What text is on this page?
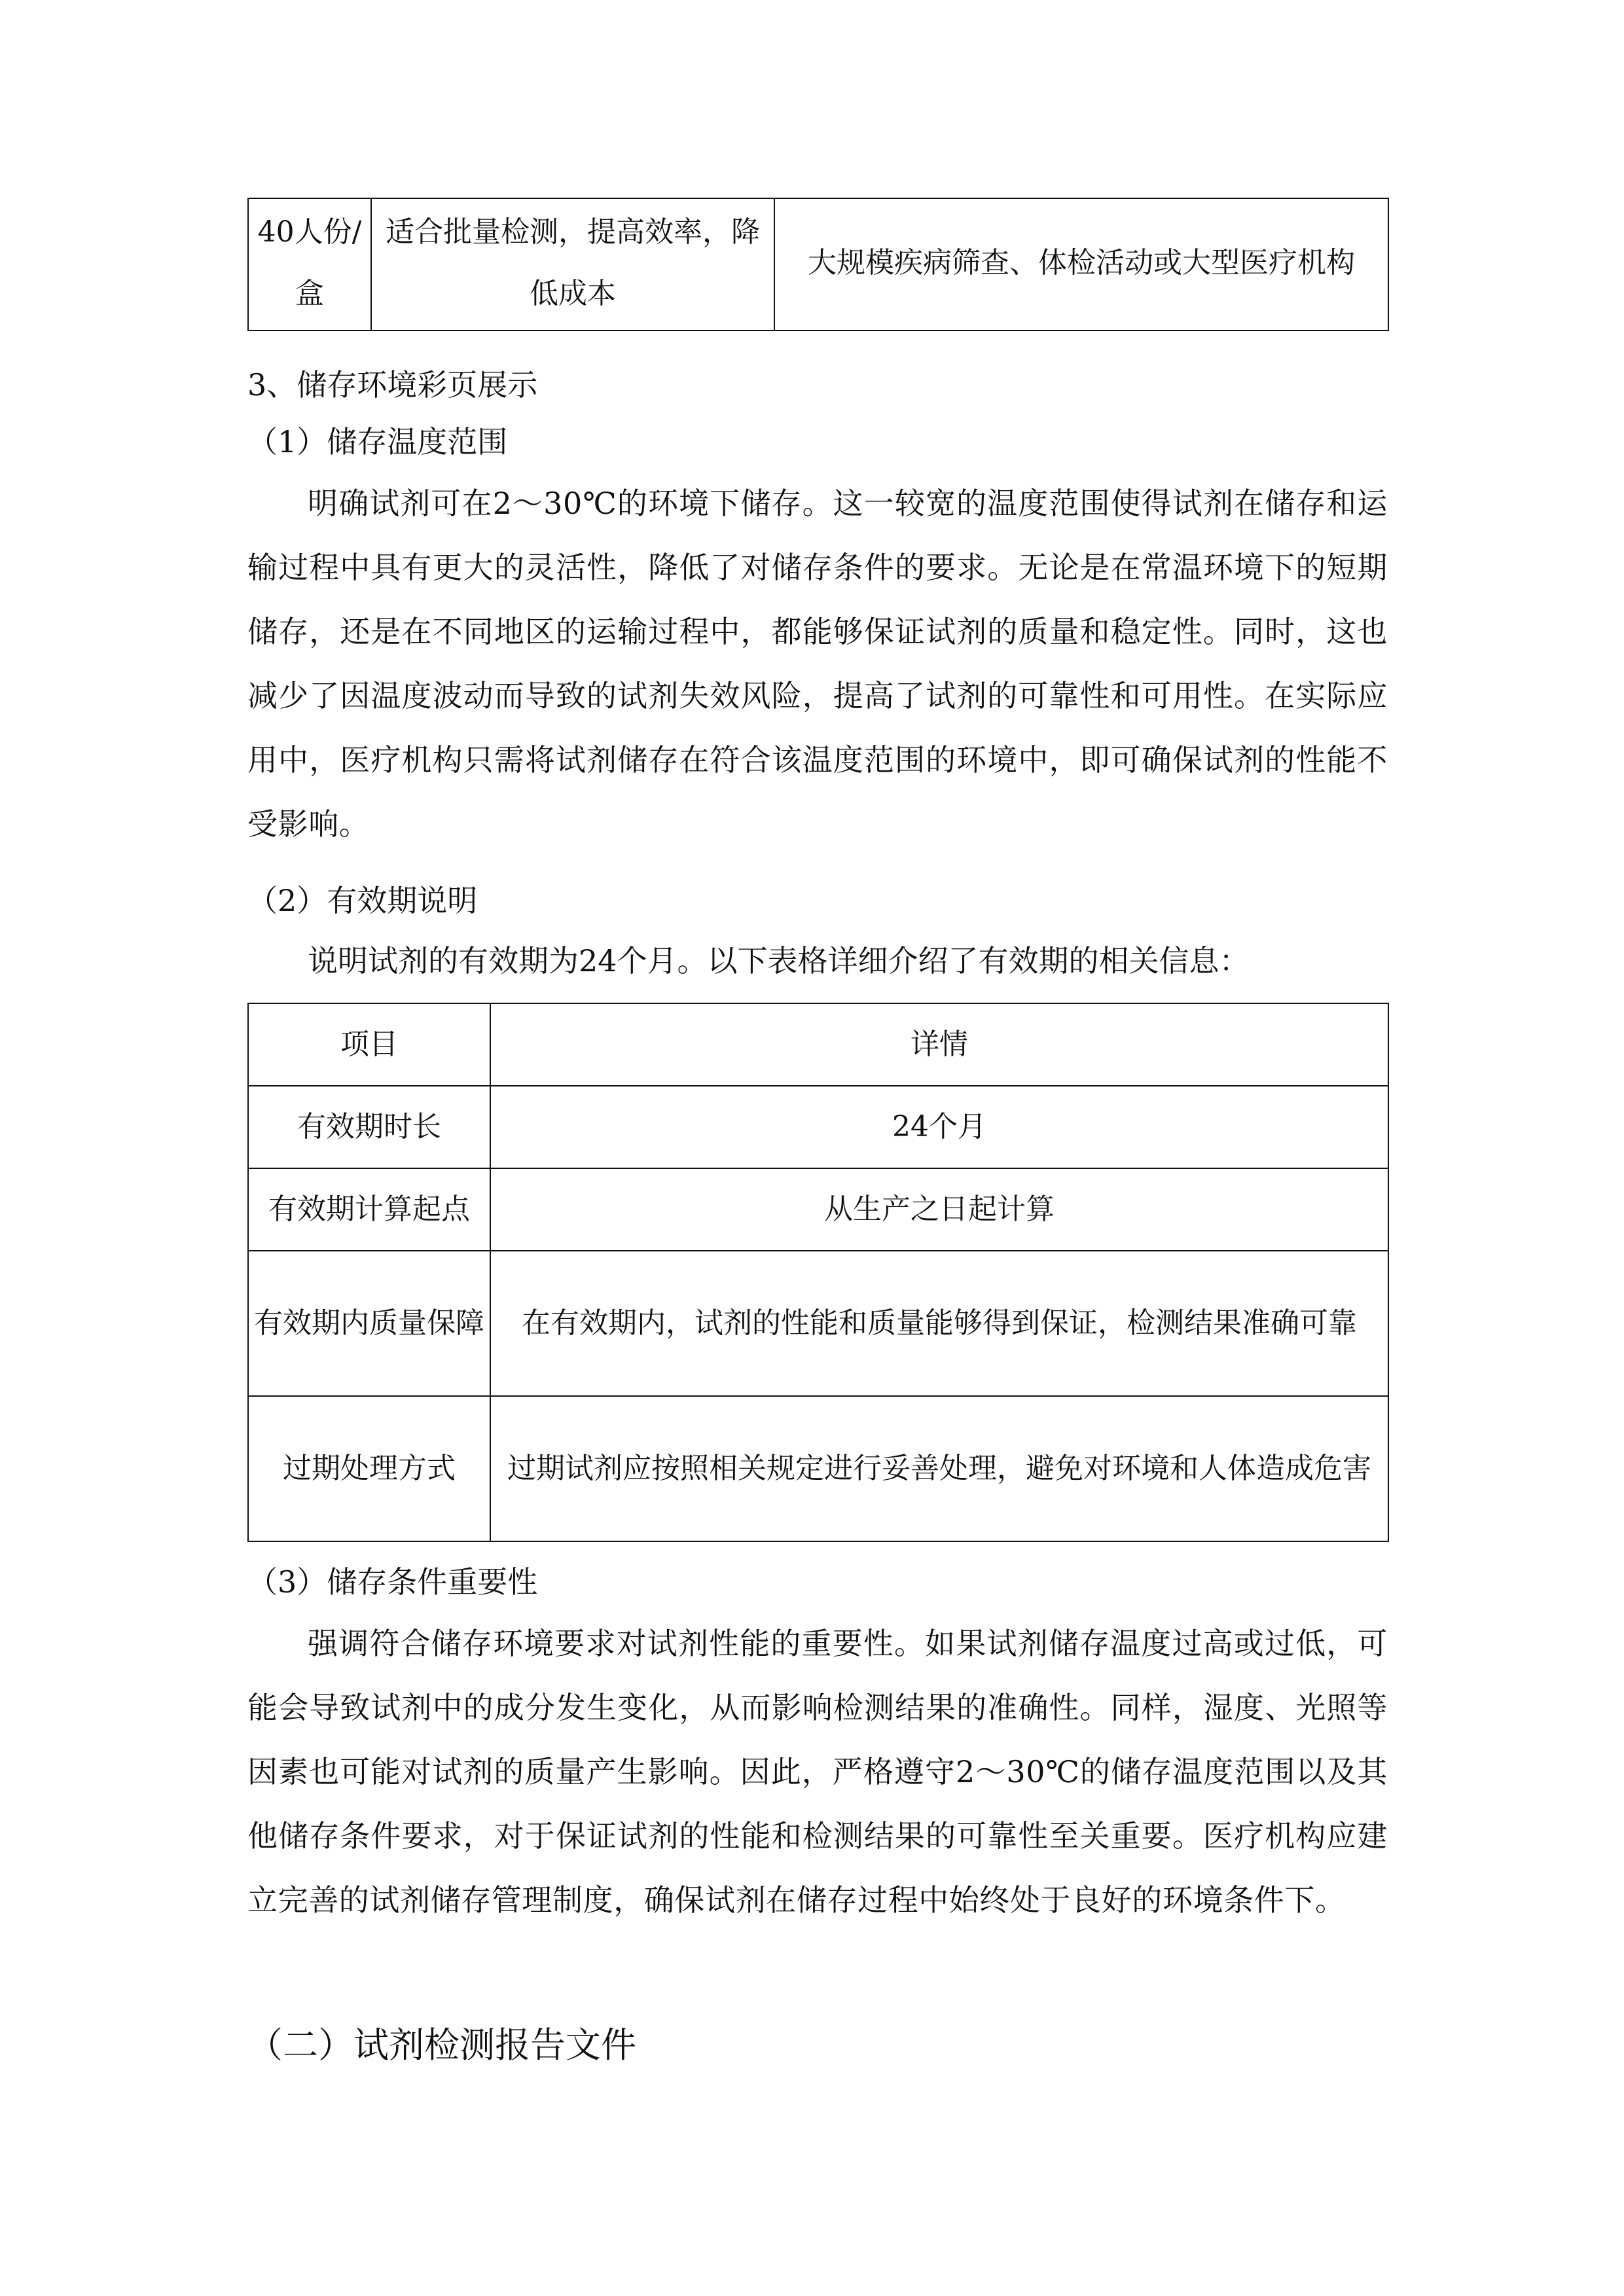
40人份/盒	适合批量检测，提高效率，降低成本	大规模疾病筛查、体检活动或大型医疗机构
3、储存环境彩页展示
（1）储存温度范围

明确试剂可在2～30℃的环境下储存。这一较宽的温度范围使得试剂在储存和运输过程中具有更大的灵活性，降低了对储存条件的要求。无论是在常温环境下的短期储存，还是在不同地区的运输过程中，都能够保证试剂的质量和稳定性。同时，这也减少了因温度波动而导致的试剂失效风险，提高了试剂的可靠性和可用性。在实际应用中，医疗机构只需将试剂储存在符合该温度范围的环境中，即可确保试剂的性能不受影响。

（2）有效期说明
说明试剂的有效期为24个月。以下表格详细介绍了有效期的相关信息：
项目	详情
有效期时长	24个月
有效期计算起点	从生产之日起计算
有效期内质量保障	在有效期内，试剂的性能和质量能够得到保证，检测结果准确可靠
过期处理方式	过期试剂应按照相关规定进行妥善处理，避免对环境和人体造成危害
（3）储存条件重要性

强调符合储存环境要求对试剂性能的重要性。如果试剂储存温度过高或过低，可能会导致试剂中的成分发生变化，从而影响检测结果的准确性。同样，湿度、光照等因素也可能对试剂的质量产生影响。因此，严格遵守2～30℃的储存温度范围以及其他储存条件要求，对于保证试剂的性能和检测结果的可靠性至关重要。医疗机构应建立完善的试剂储存管理制度，确保试剂在储存过程中始终处于良好的环境条件下。

（二）试剂检测报告文件
